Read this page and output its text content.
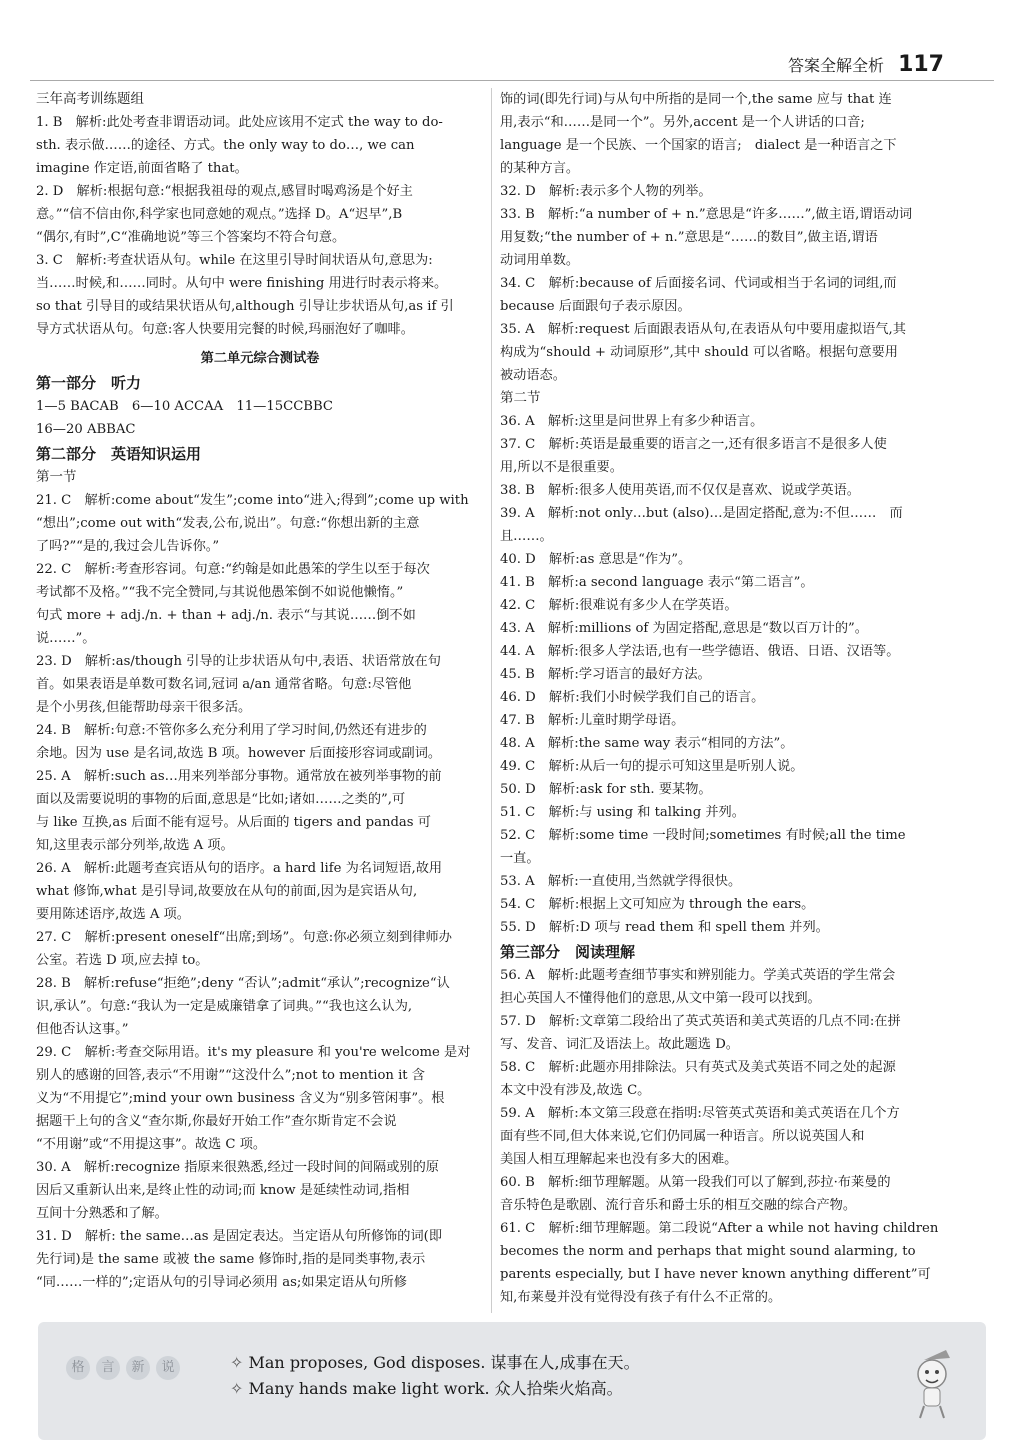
答案全解全析 117
三年高考训练题组
1. B　解析:此处考查非谓语动词。此处应该用不定式 the way to do-
sth. 表示做……的途径、方式。the only way to do…, we can
imagine 作定语,前面省略了 that。
2. D　解析:根据句意:“根据我祖母的观点,感冒时喝鸡汤是个好主
意。”“信不信由你,科学家也同意她的观点。”选择 D。A“迟早”,B
“偶尔,有时”,C“准确地说”等三个答案均不符合句意。
3. C　解析:考查状语从句。while 在这里引导时间状语从句,意思为:
当……时候,和……同时。从句中 were finishing 用进行时表示将来。
so that 引导目的或结果状语从句,although 引导让步状语从句,as if 引
导方式状语从句。句意:客人快要用完餐的时候,玛丽泡好了咖啡。
第二单元综合测试卷
第一部分　听力
1—5 BACAB　6—10 ACCAA　11—15CCBBC
16—20 ABBAC
第二部分　英语知识运用
第一节
21. C　解析:come about“发生”;come into“进入;得到”;come up with
“想出”;come out with“发表,公布,说出”。句意:“你想出新的主意
了吗?”“是的,我过会儿告诉你。”
22. C　解析:考查形容词。句意:“约翰是如此愚笨的学生以至于每次
考试都不及格。”“我不完全赞同,与其说他愚笨倒不如说他懒惰。”
句式 more + adj./n. + than + adj./n. 表示“与其说……倒不如
说……”。
23. D　解析:as/though 引导的让步状语从句中,表语、状语常放在句
首。如果表语是单数可数名词,冠词 a/an 通常省略。句意:尽管他
是个小男孩,但能帮助母亲干很多活。
24. B　解析:句意:不管你多么充分利用了学习时间,仍然还有进步的
余地。因为 use 是名词,故选 B 项。however 后面接形容词或副词。
25. A　解析:such as…用来列举部分事物。通常放在被列举事物的前
面以及需要说明的事物的后面,意思是“比如;诸如……之类的”,可
与 like 互换,as 后面不能有逗号。从后面的 tigers and pandas 可
知,这里表示部分列举,故选 A 项。
26. A　解析:此题考查宾语从句的语序。a hard life 为名词短语,故用
what 修饰,what 是引导词,故要放在从句的前面,因为是宾语从句,
要用陈述语序,故选 A 项。
27. C　解析:present oneself“出席;到场”。句意:你必须立刻到律师办
公室。若选 D 项,应去掉 to。
28. B　解析:refuse“拒绝”;deny “否认”;admit“承认”;recognize“认
识,承认”。句意:“我认为一定是威廉错拿了词典。”“我也这么认为,
但他否认这事。”
29. C　解析:考查交际用语。it's my pleasure 和 you're welcome 是对
别人的感谢的回答,表示“不用谢”“这没什么”;not to mention it 含
义为“不用提它”;mind your own business 含义为“别多管闲事”。根
据题干上句的含义“查尔斯,你最好开始工作”查尔斯肯定不会说
“不用谢”或“不用提这事”。故选 C 项。
30. A　解析:recognize 指原来很熟悉,经过一段时间的间隔或别的原
因后又重新认出来,是终止性的动词;而 know 是延续性动词,指相
互间十分熟悉和了解。
31. D　解析: the same…as 是固定表达。当定语从句所修饰的词(即
先行词)是 the same 或被 the same 修饰时,指的是同类事物,表示
“同……一样的”;定语从句的引导词必须用 as;如果定语从句所修
饰的词(即先行词)与从句中所指的是同一个,the same 应与 that 连
用,表示“和……是同一个”。另外,accent 是一个人讲话的口音;
language 是一个民族、一个国家的语言;　dialect 是一种语言之下
的某种方言。
32. D　解析:表示多个人物的列举。
33. B　解析:“a number of + n.”意思是“许多……”,做主语,谓语动词
用复数;“the number of + n.”意思是“……的数目”,做主语,谓语
动词用单数。
34. C　解析:because of 后面接名词、代词或相当于名词的词组,而
because 后面跟句子表示原因。
35. A　解析:request 后面跟表语从句,在表语从句中要用虚拟语气,其
构成为“should + 动词原形”,其中 should 可以省略。根据句意要用
被动语态。
第二节
36. A　解析:这里是问世界上有多少种语言。
37. C　解析:英语是最重要的语言之一,还有很多语言不是很多人使
用,所以不是很重要。
38. B　解析:很多人使用英语,而不仅仅是喜欢、说或学英语。
39. A　解析:not only…but (also)…是固定搭配,意为:不但……　而
且……。
40. D　解析:as 意思是“作为”。
41. B　解析:a second language 表示“第二语言”。
42. C　解析:很难说有多少人在学英语。
43. A　解析:millions of 为固定搭配,意思是“数以百万计的”。
44. A　解析:很多人学法语,也有一些学德语、俄语、日语、汉语等。
45. B　解析:学习语言的最好方法。
46. D　解析:我们小时候学我们自己的语言。
47. B　解析:儿童时期学母语。
48. A　解析:the same way 表示“相同的方法”。
49. C　解析:从后一句的提示可知这里是听别人说。
50. D　解析:ask for sth. 要某物。
51. C　解析:与 using 和 talking 并列。
52. C　解析:some time 一段时间;sometimes 有时候;all the time
一直。
53. A　解析:一直使用,当然就学得很快。
54. C　解析:根据上文可知应为 through the ears。
55. D　解析:D 项与 read them 和 spell them 并列。
第三部分　阅读理解
56. A　解析:此题考查细节事实和辨别能力。学美式英语的学生常会
担心英国人不懂得他们的意思,从文中第一段可以找到。
57. D　解析:文章第二段给出了英式英语和美式英语的几点不同:在拼
写、发音、词汇及语法上。故此题选 D。
58. C　解析:此题亦用排除法。只有英式及美式英语不同之处的起源
本文中没有涉及,故选 C。
59. A　解析:本文第三段意在指明:尽管英式英语和美式英语在几个方
面有些不同,但大体来说,它们仍同属一种语言。所以说英国人和
美国人相互理解起来也没有多大的困难。
60. B　解析:细节理解题。从第一段我们可以了解到,莎拉·布莱曼的
音乐特色是歌剧、流行音乐和爵士乐的相互交融的综合产物。
61. C　解析:细节理解题。第二段说“After a while not having children
becomes the norm and perhaps that might sound alarming, to
parents especially, but I have never known anything different”可
知,布莱曼并没有觉得没有孩子有什么不正常的。
格	言	新	说
✧	Man proposes, God disposes. 谋事在人,成事在天。
✧ Many hands make light work. 众人拾柴火焰高。
